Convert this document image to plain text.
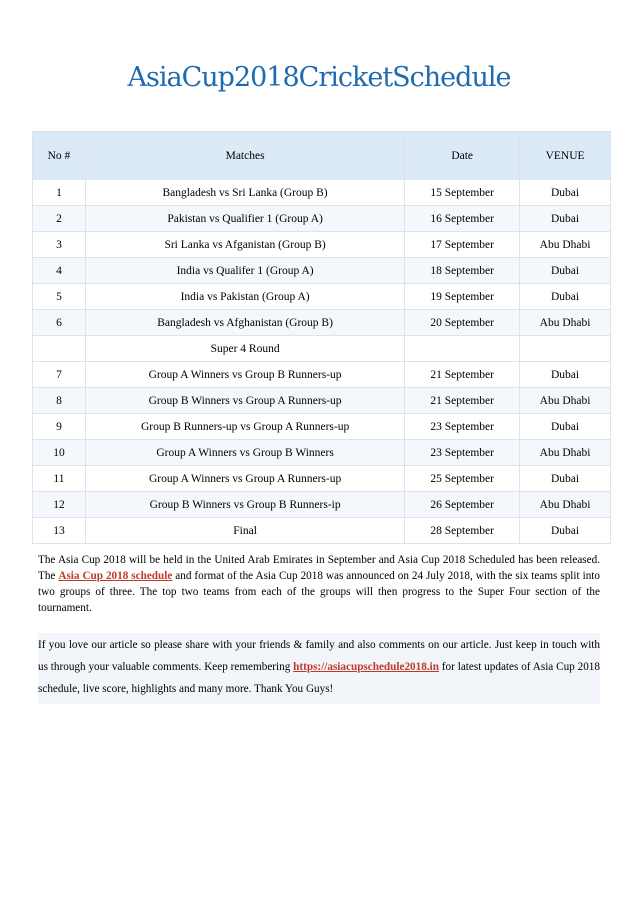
AsiaCup2018CricketSchedule
No #	Matches	Date	VENUE
1	Bangladesh vs Sri Lanka (Group B)	15 September	Dubai
2	Pakistan vs Qualifier 1 (Group A)	16 September	Dubai
3	Sri Lanka vs Afganistan (Group B)	17 September	Abu Dhabi
4	India vs Qualifer 1 (Group A)	18 September	Dubai
5	India vs Pakistan (Group A)	19 September	Dubai
6	Bangladesh vs Afghanistan (Group B)	20 September	Abu Dhabi
	Super 4 Round		
7	Group A Winners vs Group B Runners-up	21 September	Dubai
8	Group B Winners vs Group A Runners-up	21 September	Abu Dhabi
9	Group B Runners-up vs Group A Runners-up	23 September	Dubai
10	Group A Winners vs Group B Winners	23 September	Abu Dhabi
11	Group A Winners vs Group A Runners-up	25 September	Dubai
12	Group B Winners vs Group B Runners-ip	26 September	Abu Dhabi
13	Final	28 September	Dubai

The Asia Cup 2018 will be held in the United Arab Emirates in September and Asia Cup 2018 Scheduled has been released. The Asia Cup 2018 schedule and format of the Asia Cup 2018 was announced on 24 July 2018, with the six teams split into two groups of three. The top two teams from each of the groups will then progress to the Super Four section of the tournament.

If you love our article so please share with your friends & family and also comments on our article. Just keep in touch with us through your valuable comments. Keep remembering https://asiacupschedule2018.in for latest updates of Asia Cup 2018 schedule, live score, highlights and many more. Thank You Guys!
